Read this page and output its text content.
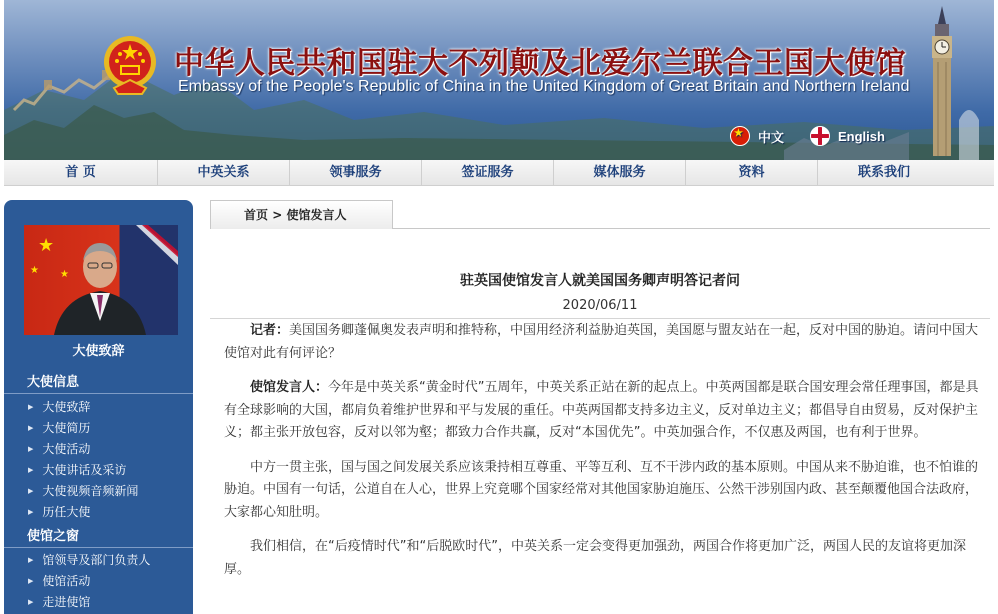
中华人民共和国驻大不列颠及北爱尔兰联合王国大使馆
Embassy of the People's Republic of China in the United Kingdom of Great Britain and Northern Ireland
★
中文	English
首 页	中英关系	领事服务	签证服务	媒体服务	资料	联系我们
★
★ ★
大使致辞
大使信息
▶ 大使致辞
▶ 大使简历
▶ 大使活动
▶ 大使讲话及采访
▶ 大使视频音频新闻
▶ 历任大使
使馆之窗
▶ 馆领导及部门负责人
▶ 使馆活动
▶ 走进使馆
首页 > 使馆发言人
驻英国使馆发言人就美国国务卿声明答记者问
2020/06/11

记者：美国国务卿蓬佩奥发表声明和推特称，中国用经济利益胁迫英国，美国愿与盟友站在一起，反对中国的胁迫。请问中国大使馆对此有何评论？

使馆发言人：今年是中英关系“黄金时代”五周年，中英关系正站在新的起点上。中英两国都是联合国安理会常任理事国，都是具有全球影响的大国，都肩负着维护世界和平与发展的重任。中英两国都支持多边主义，反对单边主义；都倡导自由贸易，反对保护主义；都主张开放包容，反对以邻为壑；都致力合作共赢，反对“本国优先”。中英加强合作，不仅惠及两国，也有利于世界。

中方一贯主张，国与国之间发展关系应该秉持相互尊重、平等互利、互不干涉内政的基本原则。中国从来不胁迫谁，也不怕谁的胁迫。中国有一句话，公道自在人心，世界上究竟哪个国家经常对其他国家胁迫施压、公然干涉别国内政、甚至颠覆他国合法政府，大家都心知肚明。

我们相信，在“后疫情时代”和“后脱欧时代”，中英关系一定会变得更加强劲，两国合作将更加广泛，两国人民的友谊将更加深厚。
